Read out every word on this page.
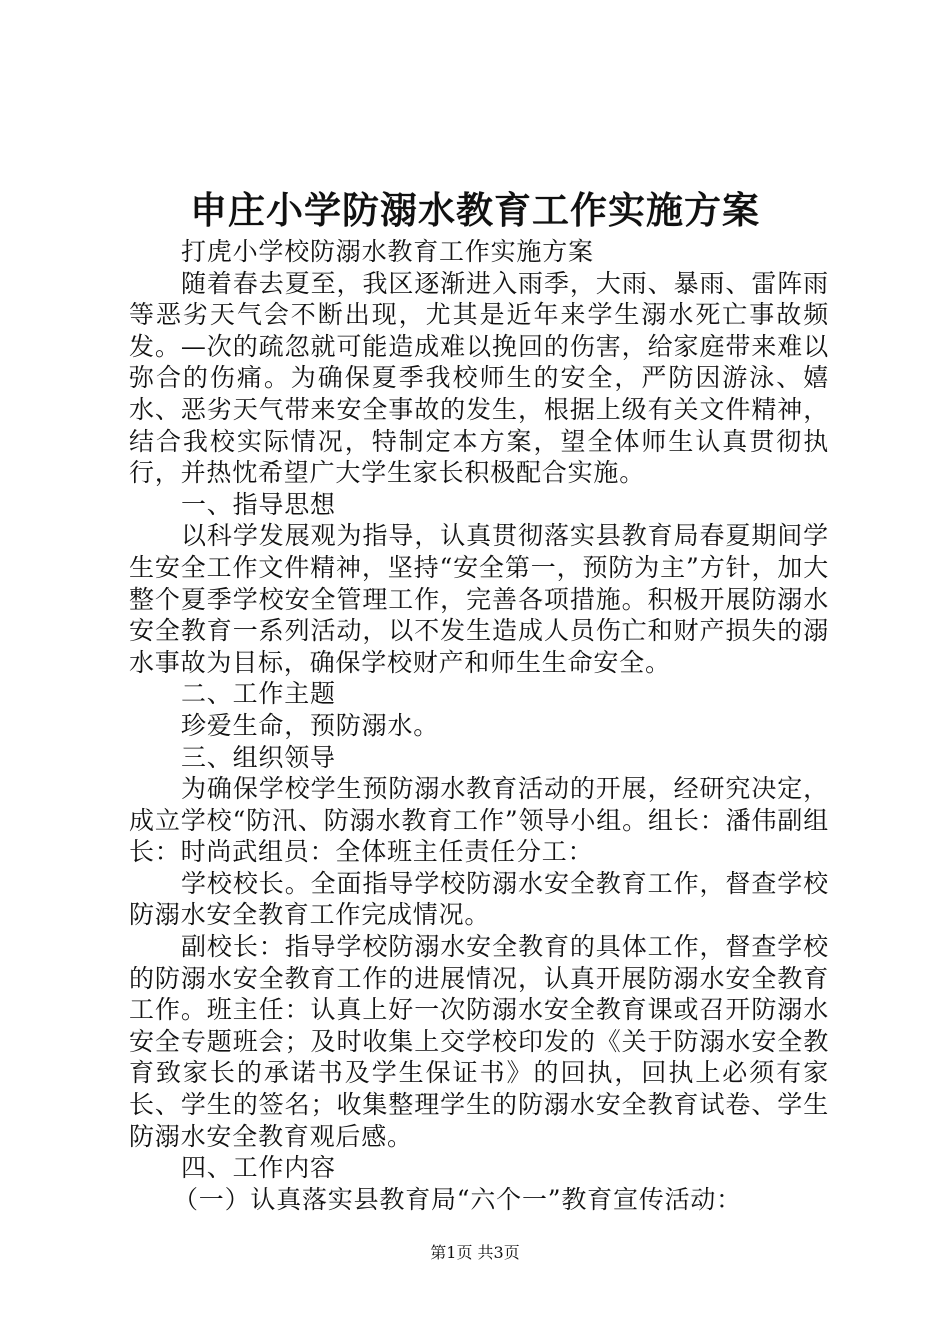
申庄小学防溺水教育工作实施方案

打虎小学校防溺水教育工作实施方案

随着春去夏至，我区逐渐进入雨季，大雨、暴雨、雷阵雨等恶劣天气会不断出现，尤其是近年来学生溺水死亡事故频发。—次的疏忽就可能造成难以挽回的伤害，给家庭带来难以弥合的伤痛。为确保夏季我校师生的安全，严防因游泳、嬉水、恶劣天气带来安全事故的发生，根据上级有关文件精神，结合我校实际情况，特制定本方案，望全体师生认真贯彻执行，并热忱希望广大学生家长积极配合实施。

一、指导思想

以科学发展观为指导，认真贯彻落实县教育局春夏期间学生安全工作文件精神，坚持“安全第一，预防为主”方针，加大整个夏季学校安全管理工作，完善各项措施。积极开展防溺水安全教育一系列活动，以不发生造成人员伤亡和财产损失的溺水事故为目标，确保学校财产和师生生命安全。

二、工作主题

珍爱生命，预防溺水。

三、组织领导

为确保学校学生预防溺水教育活动的开展，经研究决定，成立学校“防汛、防溺水教育工作”领导小组。组长：潘伟副组长：时尚武组员：全体班主任责任分工：

学校校长。全面指导学校防溺水安全教育工作，督查学校防溺水安全教育工作完成情况。

副校长：指导学校防溺水安全教育的具体工作，督查学校的防溺水安全教育工作的进展情况，认真开展防溺水安全教育工作。班主任：认真上好一次防溺水安全教育课或召开防溺水安全专题班会；及时收集上交学校印发的《关于防溺水安全教育致家长的承诺书及学生保证书》的回执，回执上必须有家长、学生的签名；收集整理学生的防溺水安全教育试卷、学生防溺水安全教育观后感。

四、工作内容

（一）认真落实县教育局“六个一”教育宣传活动：

第1页 共3页
